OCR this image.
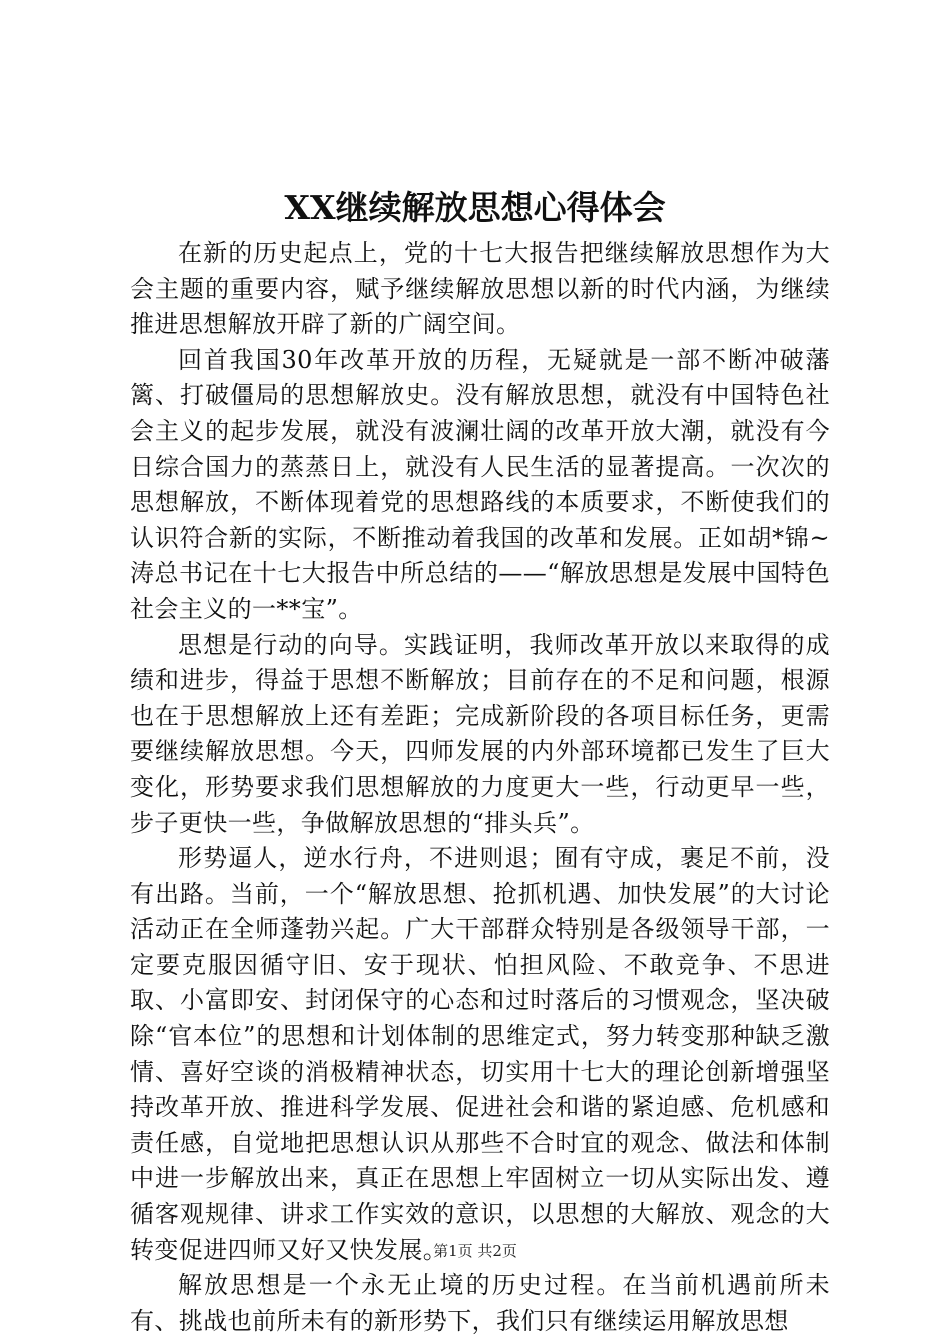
XX继续解放思想心得体会

在新的历史起点上，党的十七大报告把继续解放思想作为大会主题的重要内容，赋予继续解放思想以新的时代内涵，为继续推进思想解放开辟了新的广阔空间。

回首我国30年改革开放的历程，无疑就是一部不断冲破藩篱、打破僵局的思想解放史。没有解放思想，就没有中国特色社会主义的起步发展，就没有波澜壮阔的改革开放大潮，就没有今日综合国力的蒸蒸日上，就没有人民生活的显著提高。一次次的思想解放，不断体现着党的思想路线的本质要求，不断使我们的认识符合新的实际，不断推动着我国的改革和发展。正如胡*锦~涛总书记在十七大报告中所总结的——“解放思想是发展中国特色社会主义的一**宝”。

思想是行动的向导。实践证明，我师改革开放以来取得的成绩和进步，得益于思想不断解放；目前存在的不足和问题，根源也在于思想解放上还有差距；完成新阶段的各项目标任务，更需要继续解放思想。今天，四师发展的内外部环境都已发生了巨大变化，形势要求我们思想解放的力度更大一些，行动更早一些，步子更快一些，争做解放思想的“排头兵”。

形势逼人，逆水行舟，不进则退；囿有守成，裹足不前，没有出路。当前，一个“解放思想、抢抓机遇、加快发展”的大讨论活动正在全师蓬勃兴起。广大干部群众特别是各级领导干部，一定要克服因循守旧、安于现状、怕担风险、不敢竞争、不思进取、小富即安、封闭保守的心态和过时落后的习惯观念，坚决破除“官本位”的思想和计划体制的思维定式，努力转变那种缺乏激情、喜好空谈的消极精神状态，切实用十七大的理论创新增强坚持改革开放、推进科学发展、促进社会和谐的紧迫感、危机感和责任感，自觉地把思想认识从那些不合时宜的观念、做法和体制中进一步解放出来，真正在思想上牢固树立一切从实际出发、遵循客观规律、讲求工作实效的意识，以思想的大解放、观念的大转变促进四师又好又快发展。

解放思想是一个永无止境的历史过程。在当前机遇前所未有、挑战也前所未有的新形势下，我们只有继续运用解放思想

第1页 共2页
